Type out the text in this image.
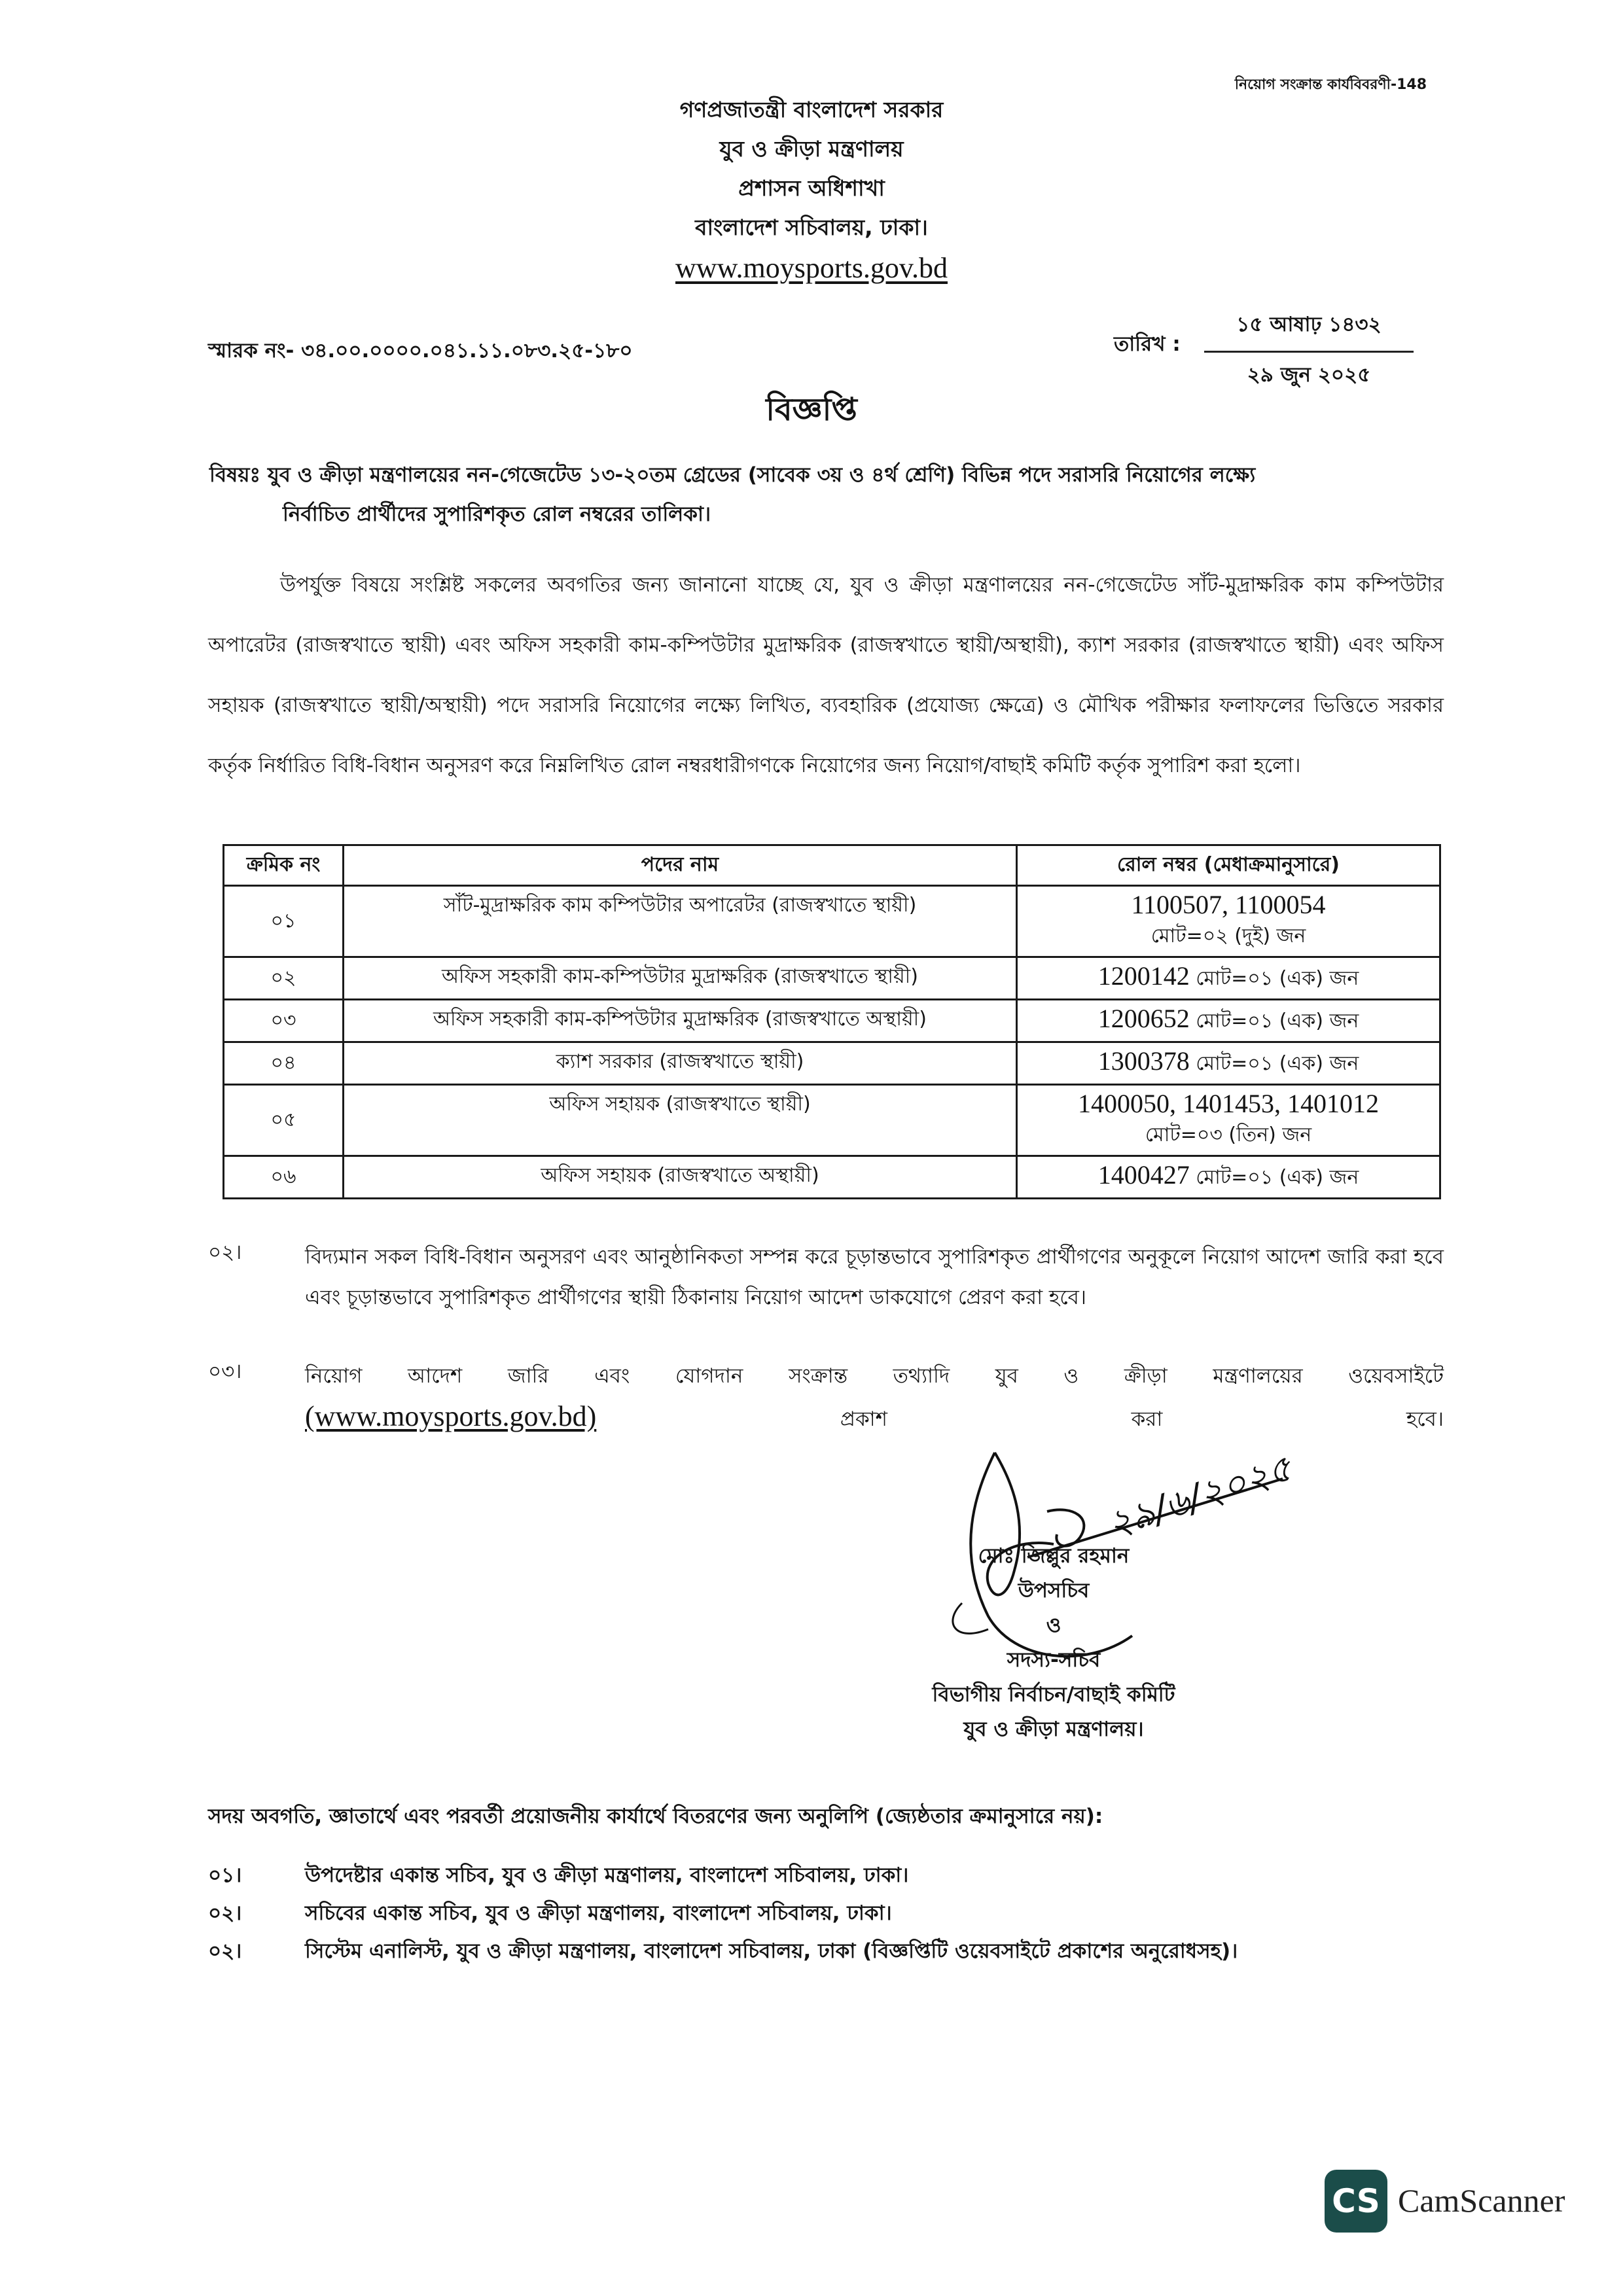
নিয়োগ সংক্রান্ত কার্যবিবরণী-148
গণপ্রজাতন্ত্রী বাংলাদেশ সরকার
যুব ও ক্রীড়া মন্ত্রণালয়
প্রশাসন অধিশাখা
বাংলাদেশ সচিবালয়, ঢাকা।
www.moysports.gov.bd
স্মারক নং- ৩৪.০০.০০০০.০৪১.১১.০৮৩.২৫-১৮০	তারিখ :
১৫ আষাঢ় ১৪৩২
২৯ জুন ২০২৫
বিজ্ঞপ্তি
বিষয়ঃ যুব ও ক্রীড়া মন্ত্রণালয়ের নন-গেজেটেড ১৩-২০তম গ্রেডের (সাবেক ৩য় ও ৪র্থ শ্রেণি) বিভিন্ন পদে সরাসরি নিয়োগের লক্ষ্যে
নির্বাচিত প্রার্থীদের সুপারিশকৃত রোল নম্বরের তালিকা।
উপর্যুক্ত বিষয়ে সংশ্লিষ্ট সকলের অবগতির জন্য জানানো যাচ্ছে যে, যুব ও ক্রীড়া মন্ত্রণালয়ের নন-গেজেটেড সাঁট-মুদ্রাক্ষরিক কাম কম্পিউটার অপারেটর (রাজস্বখাতে স্থায়ী) এবং অফিস সহকারী কাম-কম্পিউটার মুদ্রাক্ষরিক (রাজস্বখাতে স্থায়ী/অস্থায়ী), ক্যাশ সরকার (রাজস্বখাতে স্থায়ী) এবং অফিস সহায়ক (রাজস্বখাতে স্থায়ী/অস্থায়ী) পদে সরাসরি নিয়োগের লক্ষ্যে লিখিত, ব্যবহারিক (প্রযোজ্য ক্ষেত্রে) ও মৌখিক পরীক্ষার ফলাফলের ভিত্তিতে সরকার কর্তৃক নির্ধারিত বিধি-বিধান অনুসরণ করে নিম্নলিখিত রোল নম্বরধারীগণকে নিয়োগের জন্য নিয়োগ/বাছাই কমিটি কর্তৃক সুপারিশ করা হলো।
ক্রমিক নং	পদের নাম	রোল নম্বর (মেধাক্রমানুসারে)
০১	সাঁট-মুদ্রাক্ষরিক কাম কম্পিউটার অপারেটর (রাজস্বখাতে স্থায়ী)	1100507, 1100054
মোট=০২ (দুই) জন

০২	অফিস সহকারী কাম-কম্পিউটার মুদ্রাক্ষরিক (রাজস্বখাতে স্থায়ী)	1200142 মোট=০১ (এক) জন
০৩	অফিস সহকারী কাম-কম্পিউটার মুদ্রাক্ষরিক (রাজস্বখাতে অস্থায়ী)	1200652 মোট=০১ (এক) জন
০৪	ক্যাশ সরকার (রাজস্বখাতে স্থায়ী)	1300378 মোট=০১ (এক) জন
০৫	অফিস সহায়ক (রাজস্বখাতে স্থায়ী)	1400050, 1401453, 1401012
মোট=০৩ (তিন) জন

০৬	অফিস সহায়ক (রাজস্বখাতে অস্থায়ী)	1400427 মোট=০১ (এক) জন
০২।	বিদ্যমান সকল বিধি-বিধান অনুসরণ এবং আনুষ্ঠানিকতা সম্পন্ন করে চূড়ান্তভাবে সুপারিশকৃত প্রার্থীগণের অনুকূলে নিয়োগ আদেশ জারি করা হবে এবং চূড়ান্তভাবে সুপারিশকৃত প্রার্থীগণের স্থায়ী ঠিকানায় নিয়োগ আদেশ ডাকযোগে প্রেরণ করা হবে।
০৩।	নিয়োগ আদেশ জারি এবং যোগদান সংক্রান্ত তথ্যাদি যুব ও ক্রীড়া মন্ত্রণালয়ের ওয়েবসাইটে
(www.moysports.gov.bd)	প্রকাশ করা হবে।
২৯/৬/২০২৫
মোঃ জিল্লুর রহমান
উপসচিব
ও
সদস্য-সচিব
বিভাগীয় নির্বাচন/বাছাই কমিটি
যুব ও ক্রীড়া মন্ত্রণালয়।
সদয় অবগতি, জ্ঞাতার্থে এবং পরবর্তী প্রয়োজনীয় কার্যার্থে বিতরণের জন্য অনুলিপি (জ্যেষ্ঠতার ক্রমানুসারে নয়):
০১।	উপদেষ্টার একান্ত সচিব, যুব ও ক্রীড়া মন্ত্রণালয়, বাংলাদেশ সচিবালয়, ঢাকা।
০২।	সচিবের একান্ত সচিব, যুব ও ক্রীড়া মন্ত্রণালয়, বাংলাদেশ সচিবালয়, ঢাকা।
০২।	সিস্টেম এনালিস্ট, যুব ও ক্রীড়া মন্ত্রণালয়, বাংলাদেশ সচিবালয়, ঢাকা (বিজ্ঞপ্তিটি ওয়েবসাইটে প্রকাশের অনুরোধসহ)।
CS CamScanner
